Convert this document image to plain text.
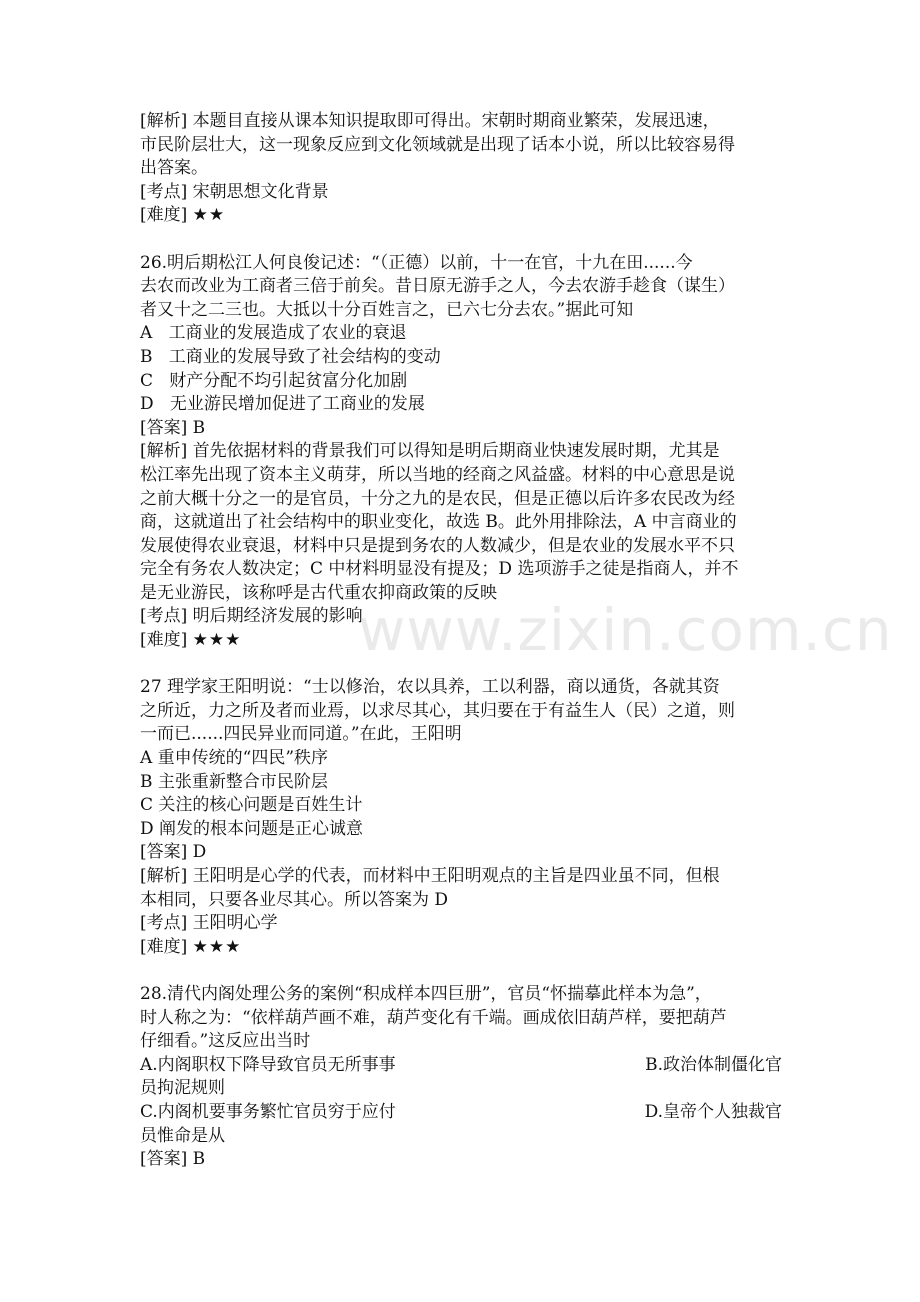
[解析] 本题目直接从课本知识提取即可得出。宋朝时期商业繁荣，发展迅速，

市民阶层壮大，这一现象反应到文化领域就是出现了话本小说，所以比较容易得

出答案。

[考点] 宋朝思想文化背景

[难度] ★★

26.明后期松江人何良俊记述：“（正德）以前，十一在官，十九在田......今

去农而改业为工商者三倍于前矣。昔日原无游手之人，今去农游手趁食（谋生）

者又十之二三也。大抵以十分百姓言之，已六七分去农。”据此可知

A   工商业的发展造成了农业的衰退

B   工商业的发展导致了社会结构的变动

C   财产分配不均引起贫富分化加剧

D   无业游民增加促进了工商业的发展

[答案] B

[解析] 首先依据材料的背景我们可以得知是明后期商业快速发展时期，尤其是

松江率先出现了资本主义萌芽，所以当地的经商之风益盛。材料的中心意思是说

之前大概十分之一的是官员，十分之九的是农民，但是正德以后许多农民改为经

商，这就道出了社会结构中的职业变化，故选 B。此外用排除法，A 中言商业的

发展使得农业衰退，材料中只是提到务农的人数减少，但是农业的发展水平不只

完全有务农人数决定；C 中材料明显没有提及；D 选项游手之徒是指商人，并不

是无业游民，该称呼是古代重农抑商政策的反映

[考点] 明后期经济发展的影响

[难度] ★★★

27 理学家王阳明说：“士以修治，农以具养，工以利器，商以通货，各就其资

之所近，力之所及者而业焉，以求尽其心，其归要在于有益生人（民）之道，则

一而已......四民异业而同道。”在此，王阳明

A 重申传统的“四民”秩序

B 主张重新整合市民阶层

C 关注的核心问题是百姓生计

D 阐发的根本问题是正心诚意

[答案] D

[解析] 王阳明是心学的代表，而材料中王阳明观点的主旨是四业虽不同，但根

本相同，只要各业尽其心。所以答案为 D

[考点] 王阳明心学

[难度] ★★★

28.清代内阁处理公务的案例“积成样本四巨册”，官员“怀揣摹此样本为急”，

时人称之为：“依样葫芦画不难，葫芦变化有千端。画成依旧葫芦样，要把葫芦

仔细看。”这反应出当时

A.内阁职权下降导致官员无所事事	B.政治体制僵化官

员拘泥规则

C.内阁机要事务繁忙官员穷于应付	D.皇帝个人独裁官

员惟命是从

[答案] B

www.zixin.com.cn
